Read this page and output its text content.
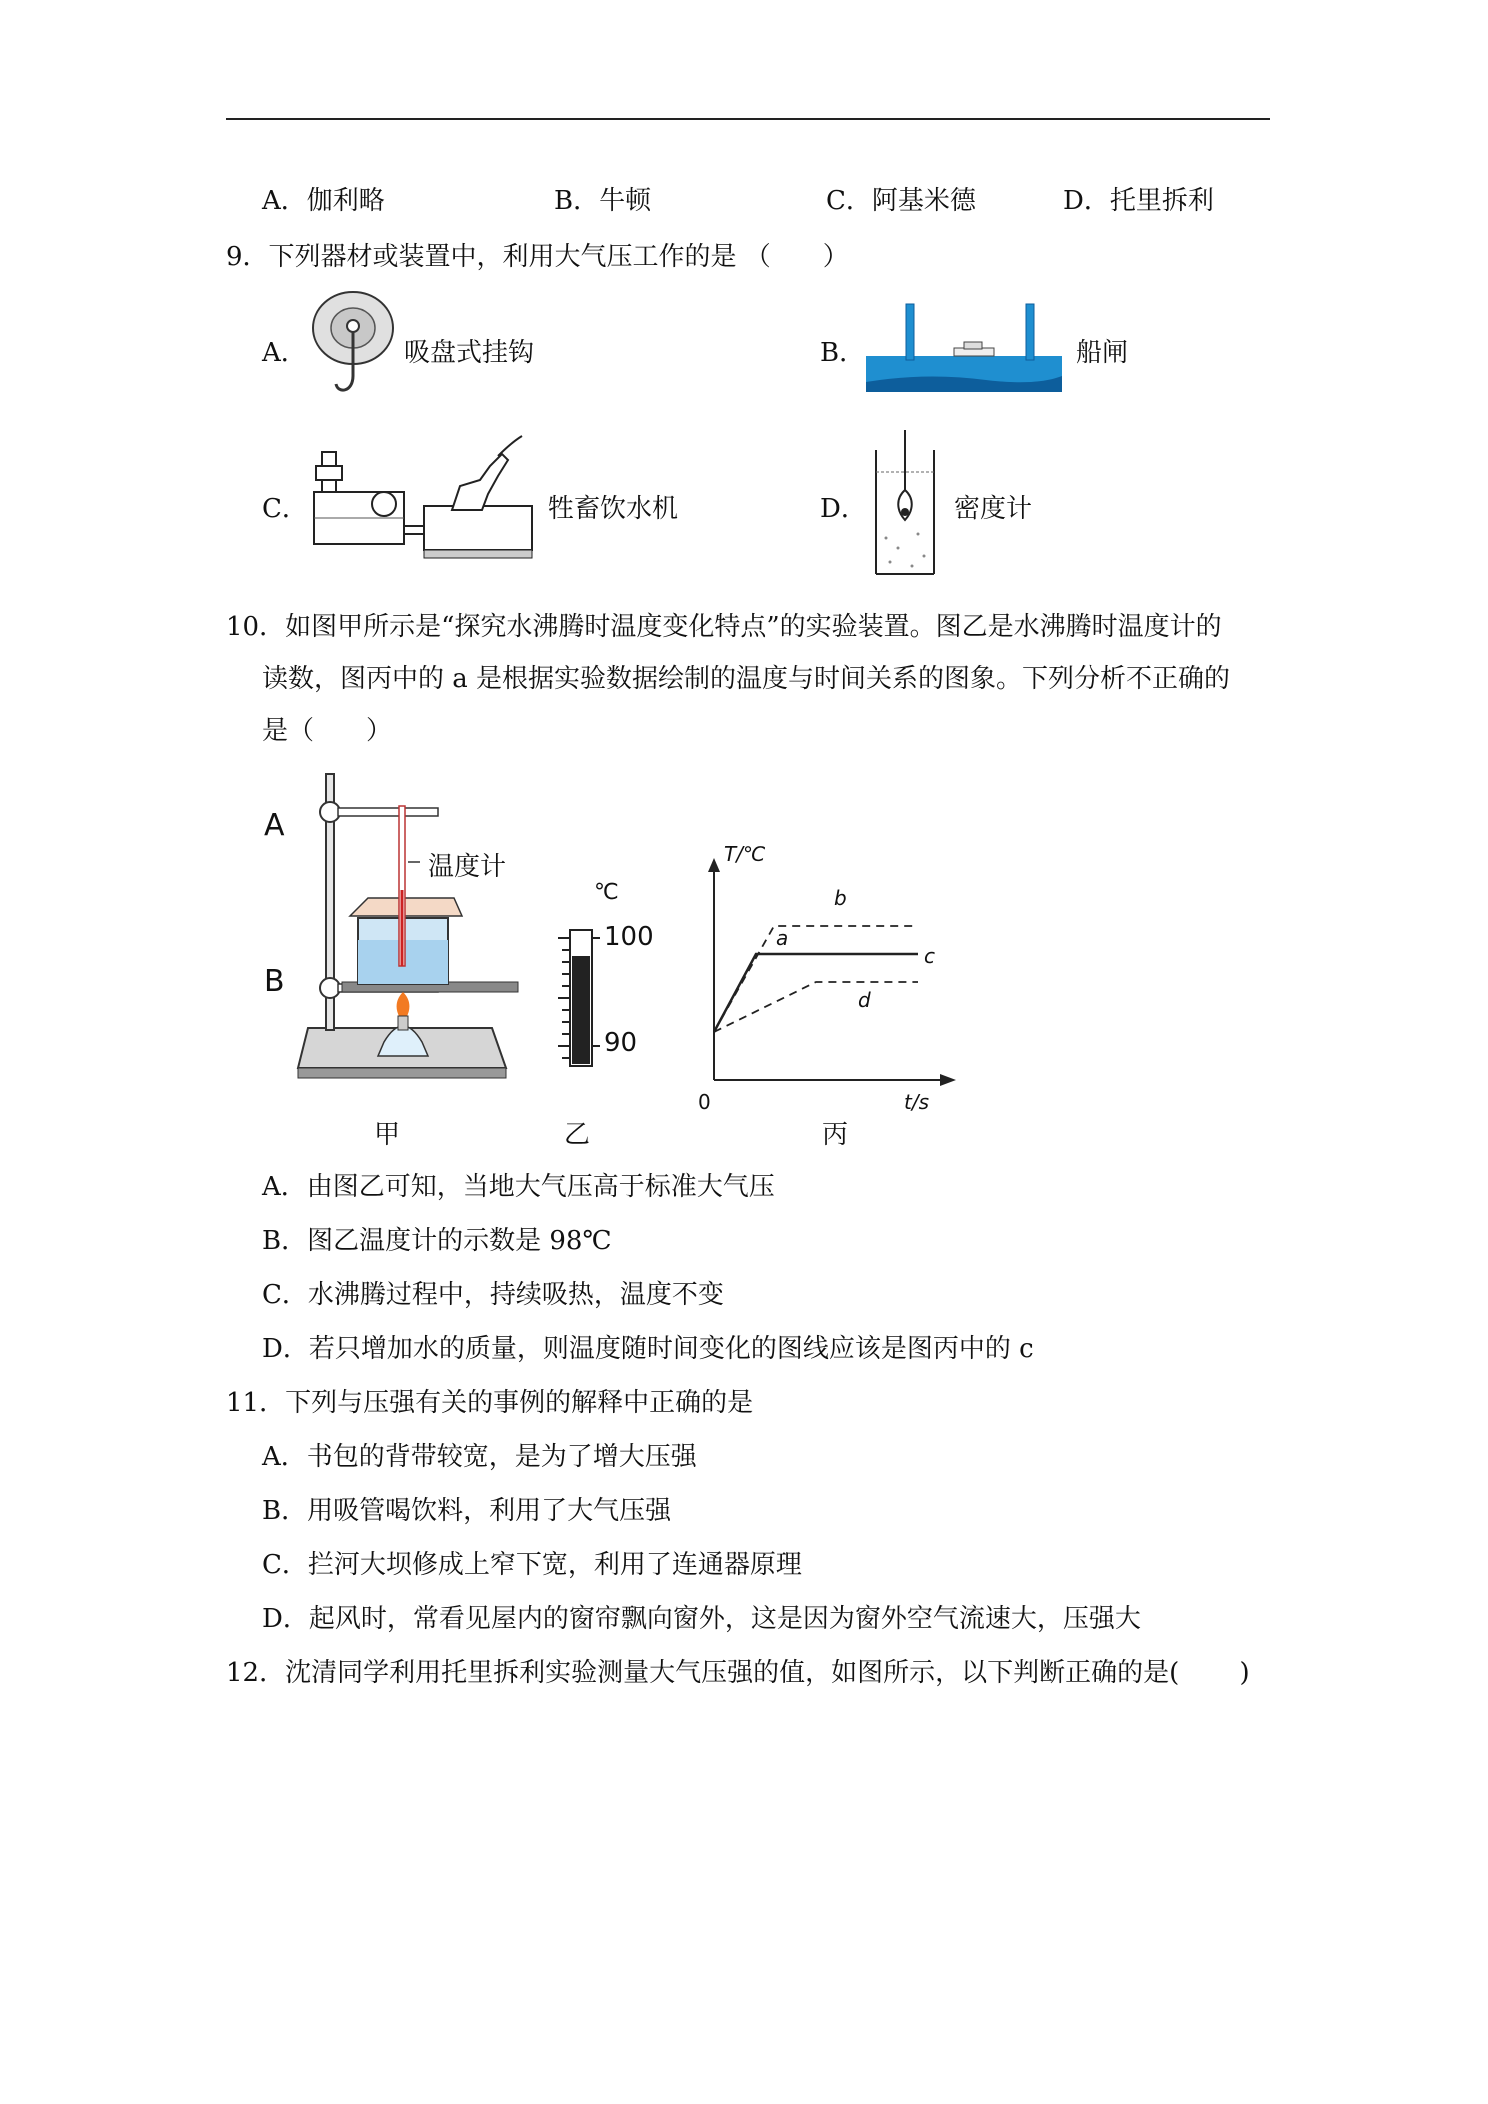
A．伽利略	B．牛顿	C．阿基米德	D．托里拆利
9．下列器材或装置中，利用大气压工作的是 （　　）
A．	吸盘式挂钩	B．	船闸
C．	牲畜饮水机	D．	密度计
10．如图甲所示是“探究水沸腾时温度变化特点”的实验装置。图乙是水沸腾时温度计的
读数，图丙中的 a 是根据实验数据绘制的温度与时间关系的图象。下列分析不正确的
是（　　）
A
B
温度计
℃
100
90
T/℃
b
a
c
d
0	t/s
甲	乙	丙
A．由图乙可知，当地大气压高于标准大气压
B．图乙温度计的示数是 98℃
C．水沸腾过程中，持续吸热，温度不变
D．若只增加水的质量，则温度随时间变化的图线应该是图丙中的 c
11．下列与压强有关的事例的解释中正确的是
A．书包的背带较宽，是为了增大压强
B．用吸管喝饮料，利用了大气压强
C．拦河大坝修成上窄下宽，利用了连通器原理
D．起风时，常看见屋内的窗帘飘向窗外，这是因为窗外空气流速大，压强大
12．沈清同学利用托里拆利实验测量大气压强的值，如图所示，以下判断正确的是(　　 )
